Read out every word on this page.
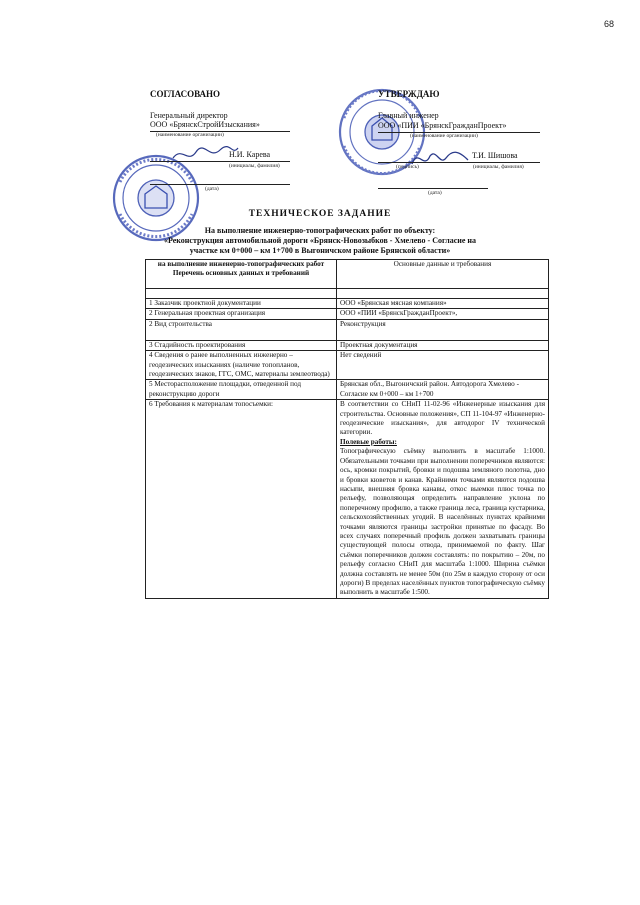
68
СОГЛАСОВАНО
Генеральный директор
ООО «БрянскСтройИзыскания»
(наименование организации)
Н.И. Карева
(инициалы, фамилия)
(дата)
УТВЕРЖДАЮ
Главный инженер
ООО «ПИИ «БрянскГражданПроект»
(наименование организации)
Т.И. Шишова
(подпись)	(инициалы, фамилия)
(дата)
ТЕХНИЧЕСКОЕ ЗАДАНИЕ
На выполнение инженерно-топографических работ по объекту:
«Реконструкция автомобильной дороги «Брянск-Новозыбков - Хмелево - Согласие на
участке км 0+000 – км 1+700 в Выгоничском районе Брянской области»
на выполнение инженерно-топографических работ Перечень основных данных и требований	Основные данные и требования

1 Заказчик проектной документации	ООО «Брянская мясная компания»
2 Генеральная проектная организация	ООО «ПИИ «БрянскГражданПроект»,
2 Вид строительства	Реконструкция
3 Стадийность проектирования	Проектная документация
4 Сведения о ранее выполненных инженерно – геодезических изысканиях (наличие топопланов, геодезических знаков, ГГС, ОМС, материалы землеотвода)	Нет сведений
5 Месторасположение площадки, отведенной под реконструкцию дороги	Брянская обл., Выгоничский район. Автодорога Хмелево - Согласие км 0+000 – км 1+700
6 Требования к материалам топосъемки:	В соответствии со СНиП 11-02-96 «Инженерные изыскания для строительства. Основные положения», СП 11-104-97 «Инженерно-геодезические изыскания», для автодорог IV технической категории.
Полевые работы:
Топографическую съёмку выполнить в масштабе 1:1000. Обязательными точками при выполнении поперечников являются: ось, кромки покрытий, бровки и подошва земляного полотна, дно и бровки кюветов и канав. Крайними точками являются подошва насыпи, внешняя бровка канавы, откос выемки плюс точка по рельефу, позволяющая определить направление уклона по поперечному профилю, а также граница леса, граница кустарника, сельскохозяйственных угодий. В населённых пунктах крайними точками являются границы застройки принятые по фасаду. Во всех случаях поперечный профиль должен захватывать границы существующей полосы отвода, принимаемой по факту. Шаг съёмки поперечников должен составлять: по покрытию – 20м, по рельефу согласно СНиП для масштаба 1:1000. Ширина съёмки должна составлять не менее 50м (по 25м в каждую сторону от оси дороги) В пределах населённых пунктов топографическую съёмку выполнить в масштабе 1:500.
